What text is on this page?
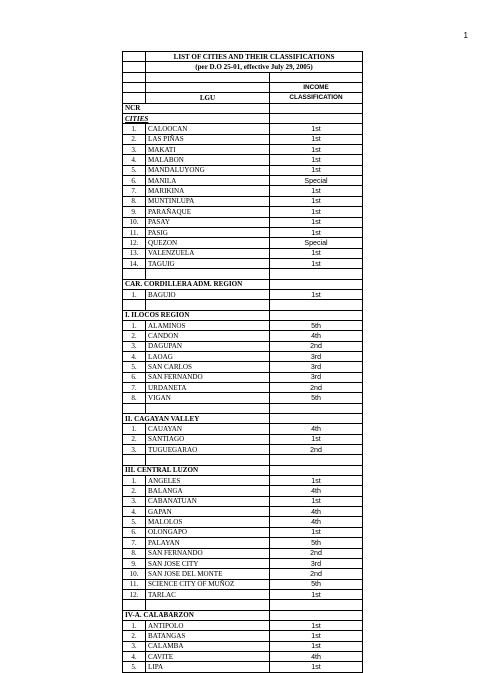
1
	LIST OF CITIES AND THEIR CLASSIFICATIONS	
	(per D.O 25-01, effective July 29, 2005)	

		INCOME
	LGU	CLASSIFICATION
NCR		
CITIES		
1.	CALOOCAN	1st
2.	LAS PIÑAS	1st
3.	MAKATI	1st
4.	MALABON	1st
5.	MANDALUYONG	1st
6.	MANILA	Special
7.	MARIKINA	1st
8.	MUNTINLUPA	1st
9.	PARAÑAQUE	1st
10.	PASAY	1st
11.	PASIG	1st
12.	QUEZON	Special
13.	VALENZUELA	1st
14.	TAGUIG	1st

CAR. CORDILLERA ADM. REGION		
1.	BAGUIO	1st

I. ILOCOS REGION		
1.	ALAMINOS	5th
2.	CANDON	4th
3.	DAGUPAN	2nd
4.	LAOAG	3rd
5.	SAN CARLOS	3rd
6.	SAN FERNANDO	3rd
7.	URDANETA	2nd
8.	VIGAN	5th

II. CAGAYAN VALLEY		
1.	CAUAYAN	4th
2.	SANTIAGO	1st
3.	TUGUEGARAO	2nd

III. CENTRAL LUZON		
1.	ANGELES	1st
2.	BALANGA	4th
3.	CABANATUAN	1st
4.	GAPAN	4th
5.	MALOLOS	4th
6.	OLONGAPO	1st
7.	PALAYAN	5th
8.	SAN FERNANDO	2nd
9.	SAN JOSE CITY	3rd
10.	SAN JOSE DEL MONTE	2nd
11.	SCIENCE CITY OF MUÑOZ	5th
12.	TARLAC	1st

IV-A. CALABARZON		
1.	ANTIPOLO	1st
2.	BATANGAS	1st
3.	CALAMBA	1st
4.	CAVITE	4th
5.	LIPA	1st
